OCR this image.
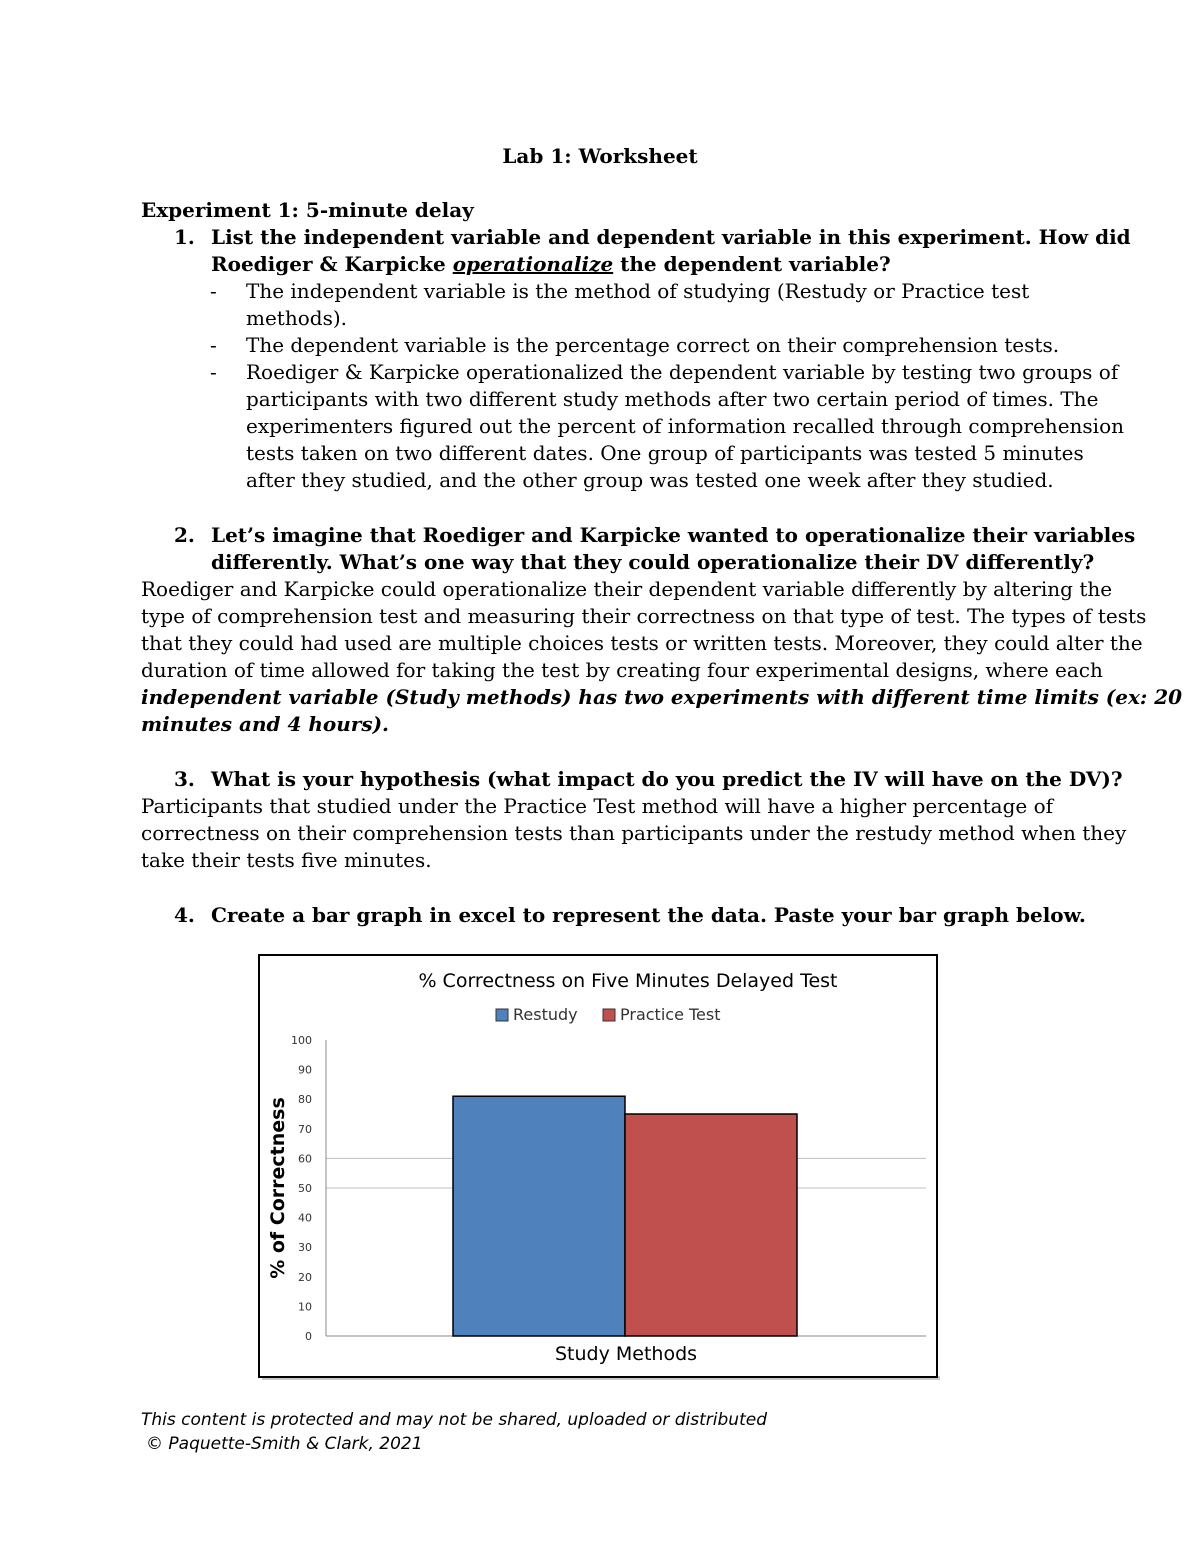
Lab 1: Worksheet
Experiment 1: 5-minute delay
1. List the independent variable and dependent variable in this experiment. How did
Roediger & Karpicke operationalize the dependent variable?
- The independent variable is the method of studying (Restudy or Practice test
methods).
- The dependent variable is the percentage correct on their comprehension tests.
- Roediger & Karpicke operationalized the dependent variable by testing two groups of
participants with two different study methods after two certain period of times. The
experimenters figured out the percent of information recalled through comprehension
tests taken on two different dates. One group of participants was tested 5 minutes
after they studied, and the other group was tested one week after they studied.
2. Let’s imagine that Roediger and Karpicke wanted to operationalize their variables
differently. What’s one way that they could operationalize their DV differently?
Roediger and Karpicke could operationalize their dependent variable differently by altering the
type of comprehension test and measuring their correctness on that type of test. The types of tests
that they could had used are multiple choices tests or written tests. Moreover, they could alter the
duration of time allowed for taking the test by creating four experimental designs, where each
independent variable (Study methods) has two experiments with different time limits (ex: 20
minutes and 4 hours).
3. What is your hypothesis (what impact do you predict the IV will have on the DV)?
Participants that studied under the Practice Test method will have a higher percentage of
correctness on their comprehension tests than participants under the restudy method when they
take their tests five minutes.
4. Create a bar graph in excel to represent the data. Paste your bar graph below.
% Correctness on Five Minutes Delayed Test
Restudy	Practice Test
0
10
20
30
40
50
60
70
80
90
100
Study Methods
% of Correctness
This content is protected and may not be shared, uploaded or distributed
© Paquette-Smith & Clark, 2021
